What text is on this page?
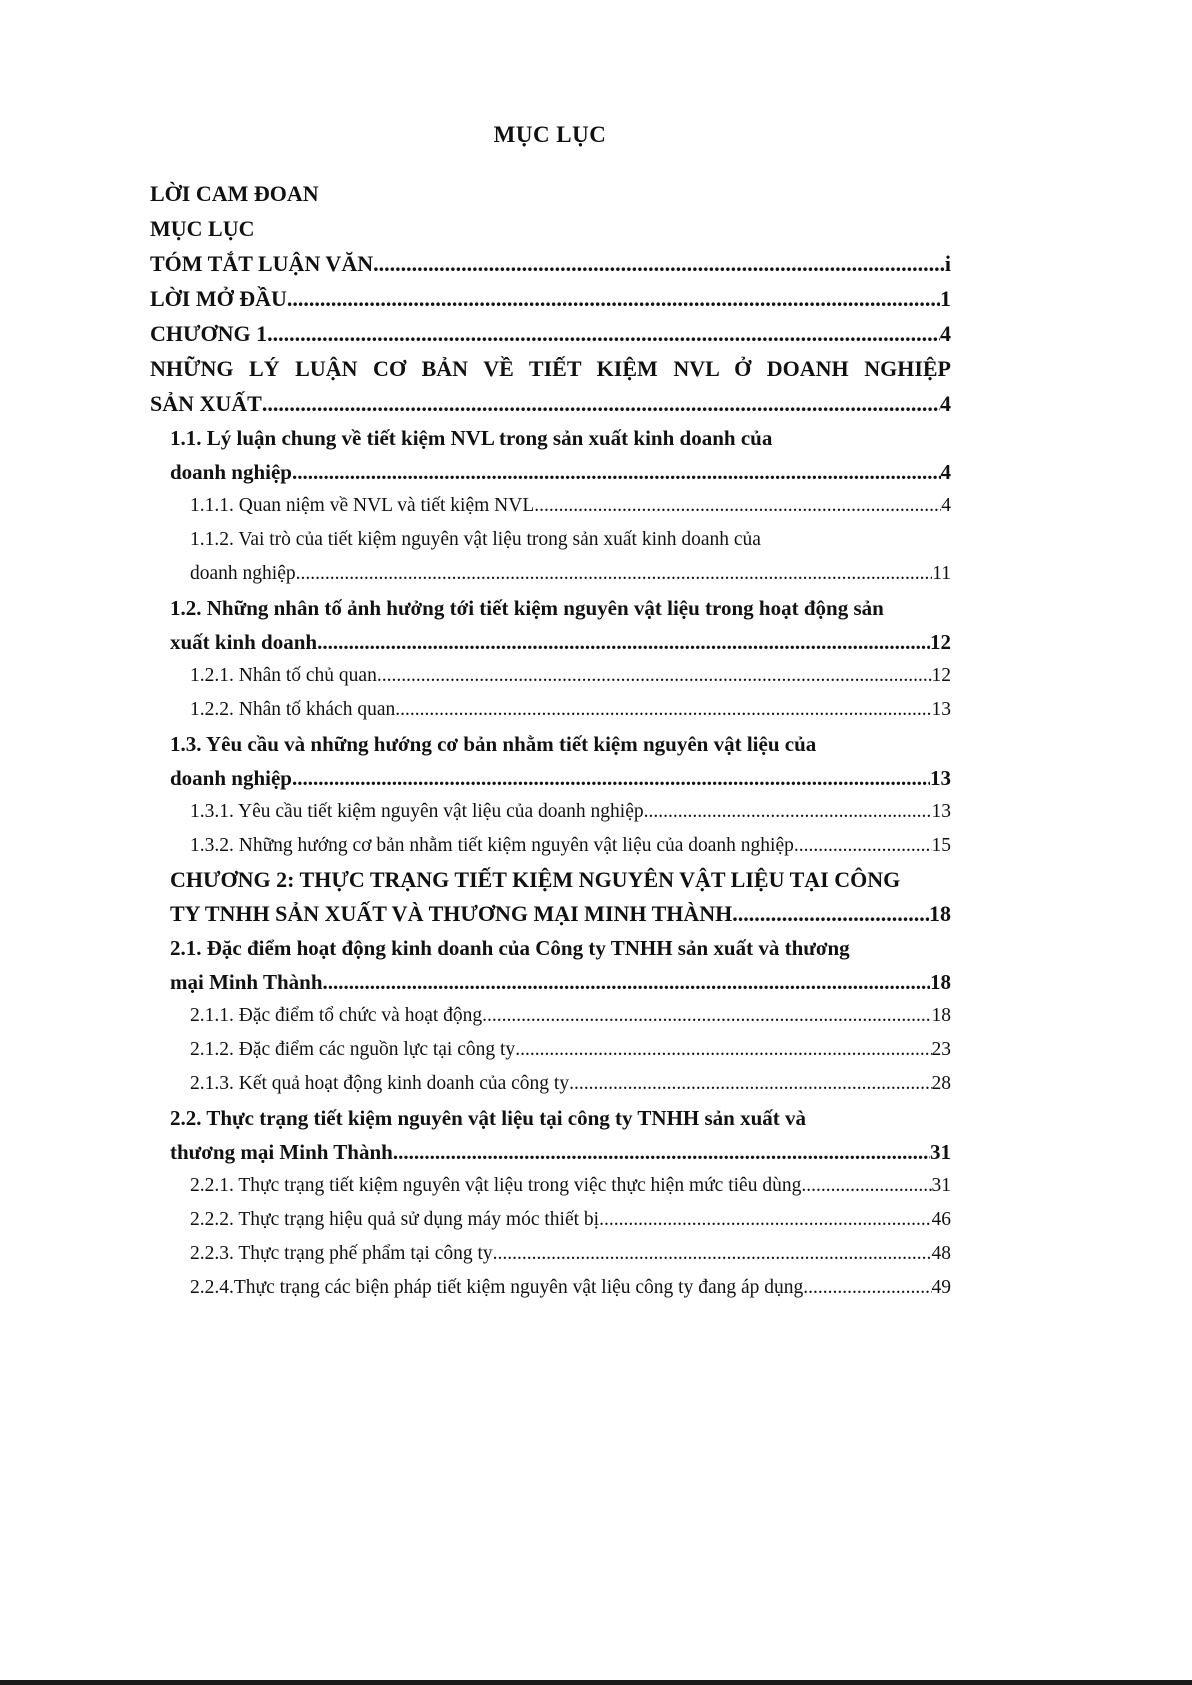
MỤC LỤC
LỜI CAM ĐOAN
MỤC LỤC
TÓM TẮT LUẬN VĂN .....	i
LỜI MỞ ĐẦU .....	1
CHƯƠNG 1 .....	4
NHỮNG LÝ LUẬN CƠ BẢN VỀ TIẾT KIỆM NVL Ở DOANH NGHIỆP
SẢN XUẤT .....	4
1.1. Lý luận chung về tiết kiệm NVL trong sản xuất kinh doanh của
doanh nghiệp .....	4
1.1.1. Quan niệm về NVL và tiết kiệm NVL .....	4
1.1.2. Vai trò của tiết kiệm nguyên vật liệu trong sản xuất kinh doanh của
doanh nghiệp .....	11
1.2. Những nhân tố ảnh hưởng tới tiết kiệm nguyên vật liệu trong hoạt động sản
xuất kinh doanh .....	12
1.2.1. Nhân tố chủ quan .....	12
1.2.2. Nhân tố khách quan .....	13
1.3. Yêu cầu và những hướng cơ bản nhằm tiết kiệm nguyên vật liệu của
doanh nghiệp .....	13
1.3.1. Yêu cầu tiết kiệm nguyên vật liệu của doanh nghiệp .....	13
1.3.2. Những hướng cơ bản nhằm tiết kiệm nguyên vật liệu của doanh nghiệp .....	15
CHƯƠNG 2: THỰC TRẠNG TIẾT KIỆM NGUYÊN VẬT LIỆU TẠI CÔNG
TY TNHH SẢN XUẤT VÀ THƯƠNG MẠI MINH THÀNH .....	18
2.1. Đặc điểm hoạt động kinh doanh của Công ty TNHH sản xuất và thương
mại Minh Thành .....	18
2.1.1. Đặc điểm tổ chức và hoạt động .....	18
2.1.2. Đặc điểm các nguồn lực tại công ty .....	23
2.1.3. Kết quả hoạt động kinh doanh của công ty .....	28
2.2. Thực trạng tiết kiệm nguyên vật liệu tại công ty TNHH sản xuất và
thương mại Minh Thành .....	31
2.2.1. Thực trạng tiết kiệm nguyên vật liệu trong việc thực hiện mức tiêu dùng .....	31
2.2.2. Thực trạng hiệu quả sử dụng máy móc thiết bị .....	46
2.2.3. Thực trạng phế phẩm tại công ty .....	48
2.2.4.Thực trạng các biện pháp tiết kiệm nguyên vật liệu công ty đang áp dụng .....	49
